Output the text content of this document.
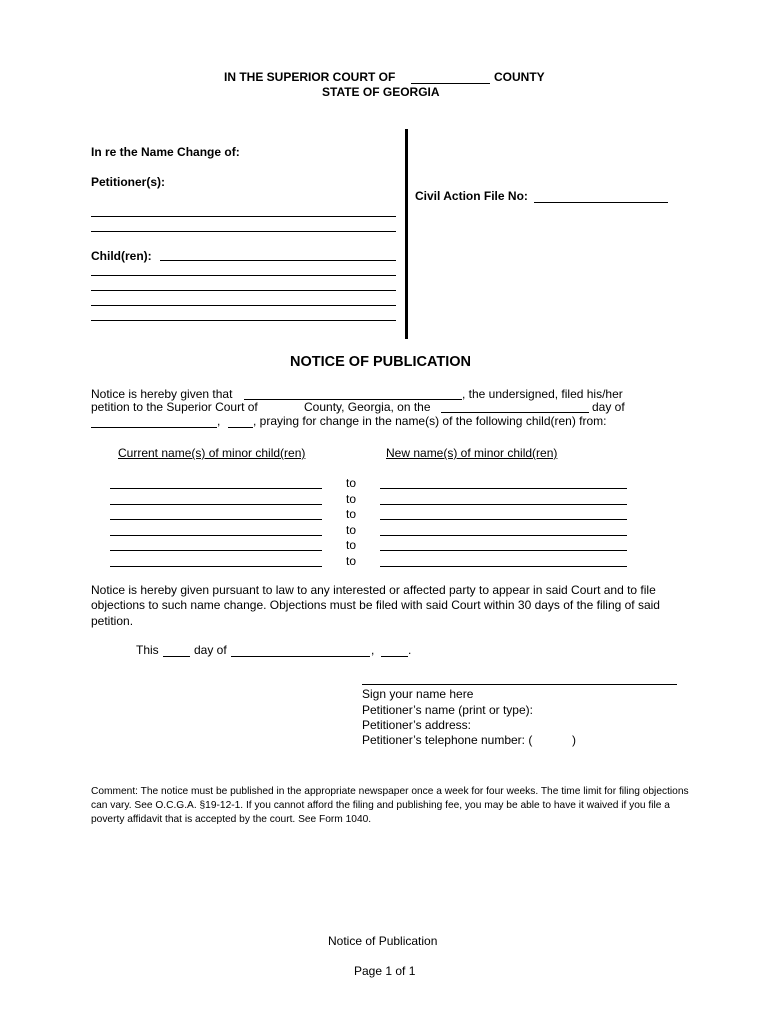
IN THE SUPERIOR COURT OF	COUNTY
STATE OF GEORGIA
In re the Name Change of:
Petitioner(s):
Child(ren):
Civil Action File No:
NOTICE OF PUBLICATION
Notice is hereby given that	, the undersigned, filed his/her
petition to the Superior Court of	County, Georgia, on the	day of
,	, praying for change in the name(s) of the following child(ren) from:
Current name(s) of minor child(ren)	New name(s) of minor child(ren)
to
to
to
to
to
to
Notice is hereby given pursuant to law to any interested or affected party to appear in said Court and to file objections to such name change. Objections must be filed with said Court within 30 days of the filing of said petition.
This	day of	,	.
Sign your name here
Petitioner’s name (print or type):
Petitioner’s address:
Petitioner’s telephone number: (	)
Comment: The notice must be published in the appropriate newspaper once a week for four weeks. The time limit for filing objections can vary. See O.C.G.A. §19-12-1. If you cannot afford the filing and publishing fee, you may be able to have it waived if you file a poverty affidavit that is accepted by the court. See Form 1040.
Notice of Publication
Page 1 of 1
